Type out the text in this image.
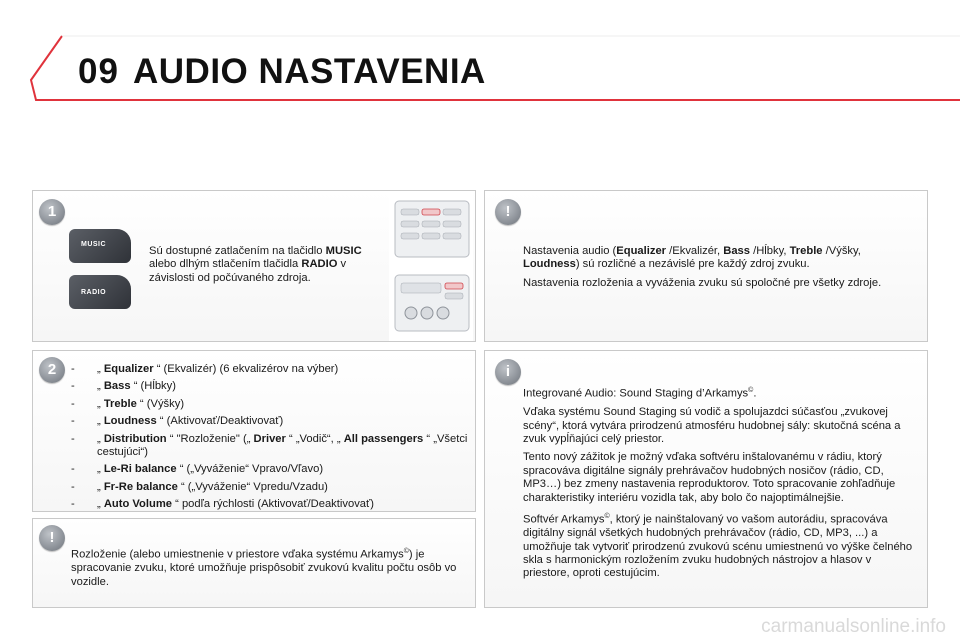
09 AUDIO NASTAVENIA
1
MUSIC
RADIO
Sú dostupné zatlačením na tlačidlo MUSIC alebo dlhým stlačením tlačidla RADIO v závislosti od počúvaného zdroja.
2	-	„ Equalizer “ (Ekvalizér) (6 ekvalizérov na výber)
-	„ Bass “ (Hĺbky)
-	„ Treble “ (Výšky)
-	„ Loudness “ (Aktivovať/Deaktivovať)
-	„ Distribution “ "Rozloženie" („ Driver “ „Vodič“, „ All passengers “ „Všetci cestujúci“)
-	„ Le-Ri balance “ („Vyváženie“ Vpravo/Vľavo)
-	„ Fr-Re balance “ („Vyváženie“ Vpredu/Vzadu)
-	„ Auto Volume “ podľa rýchlosti (Aktivovať/Deaktivovať)
!
Rozloženie (alebo umiestnenie v priestore vďaka systému Arkamys©) je spracovanie zvuku, ktoré umožňuje prispôsobiť zvukovú kvalitu počtu osôb vo vozidle.
!

Nastavenia audio (Equalizer /Ekvalizér, Bass /Hĺbky, Treble /Výšky, Loudness) sú rozličné a nezávislé pre každý zdroj zvuku.

Nastavenia rozloženia a vyváženia zvuku sú spoločné pre všetky zdroje.

i

Integrované Audio: Sound Staging d’Arkamys©.

Vďaka systému Sound Staging sú vodič a spolujazdci súčasťou „zvukovej scény“, ktorá vytvára prirodzenú atmosféru hudobnej sály: skutočná scéna a zvuk vypĺňajúci celý priestor.

Tento nový zážitok je možný vďaka softvéru inštalovanému v rádiu, ktorý spracováva digitálne signály prehrávačov hudobných nosičov (rádio, CD, MP3…) bez zmeny nastavenia reproduktorov. Toto spracovanie zohľadňuje charakteristiky interiéru vozidla tak, aby bolo čo najoptimálnejšie.

Softvér Arkamys©, ktorý je nainštalovaný vo vašom autorádiu, spracováva digitálny signál všetkých hudobných prehrávačov (rádio, CD, MP3, ...) a umožňuje tak vytvoriť prirodzenú zvukovú scénu umiestnenú vo výške čelného skla s harmonickým rozložením zvuku hudobných nástrojov a hlasov v priestore, oproti cestujúcim.

carmanualsonline.info
